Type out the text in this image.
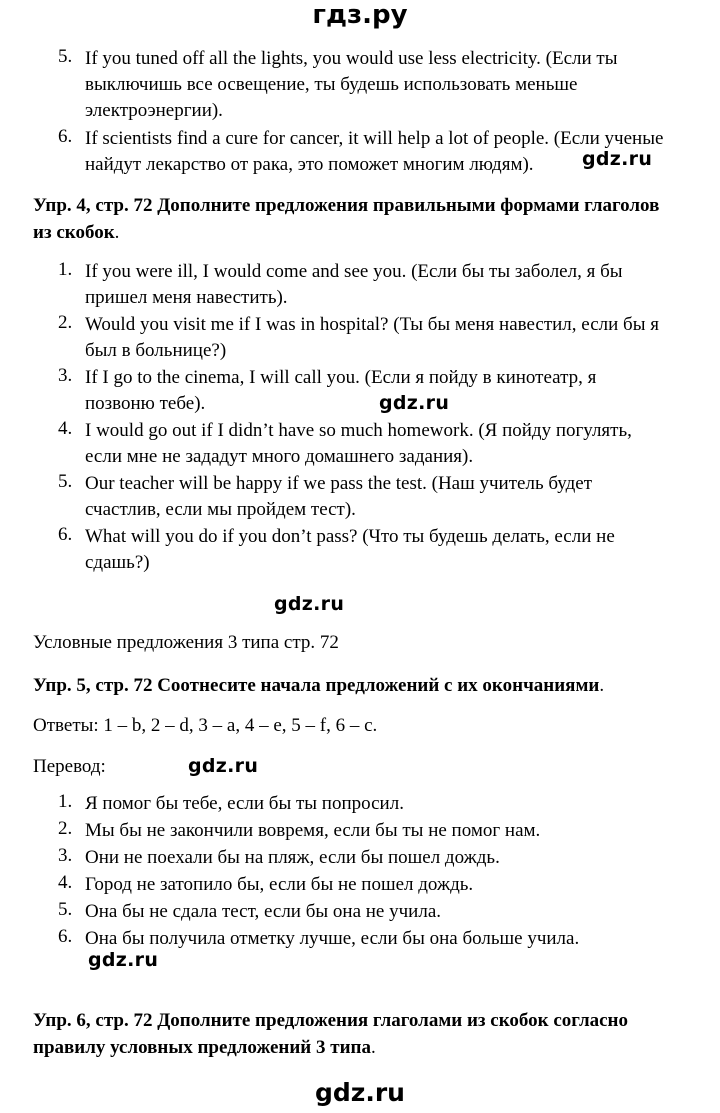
гдз.ру
5. If you tuned off all the lights, you would use less electricity. (Если ты
выключишь все освещение, ты будешь использовать меньше
электроэнергии).
6. If scientists find a cure for cancer, it will help a lot of people. (Если ученые
найдут лекарство от рака, это поможет многим людям).	gdz.ru
Упр. 4, стр. 72 Дополните предложения правильными формами глаголов
из скобок.
1. If you were ill, I would come and see you. (Если бы ты заболел, я бы
пришел меня навестить).
2. Would you visit me if I was in hospital? (Ты бы меня навестил, если бы я
был в больнице?)
3. If I go to the cinema, I will call you. (Если я пойду в кинотеатр, я
позвоню тебе).	gdz.ru
4. I would go out if I didn’t have so much homework. (Я пойду погулять,
если мне не зададут много домашнего задания).
5. Our teacher will be happy if we pass the test. (Наш учитель будет
счастлив, если мы пройдем тест).
6. What will you do if you don’t pass? (Что ты будешь делать, если не
сдашь?)
gdz.ru
Условные предложения 3 типа стр. 72
Упр. 5, стр. 72 Соотнесите начала предложений с их окончаниями.
Ответы: 1 – b, 2 – d, 3 – a, 4 – e, 5 – f, 6 – c.
Перевод:	gdz.ru
1. Я помог бы тебе, если бы ты попросил.
2. Мы бы не закончили вовремя, если бы ты не помог нам.
3. Они не поехали бы на пляж, если бы пошел дождь.
4. Город не затопило бы, если бы не пошел дождь.
5. Она бы не сдала тест, если бы она не учила.
6. Она бы получила отметку лучше, если бы она больше учила.
gdz.ru
Упр. 6, стр. 72 Дополните предложения глаголами из скобок согласно
правилу условных предложений 3 типа.
gdz.ru
